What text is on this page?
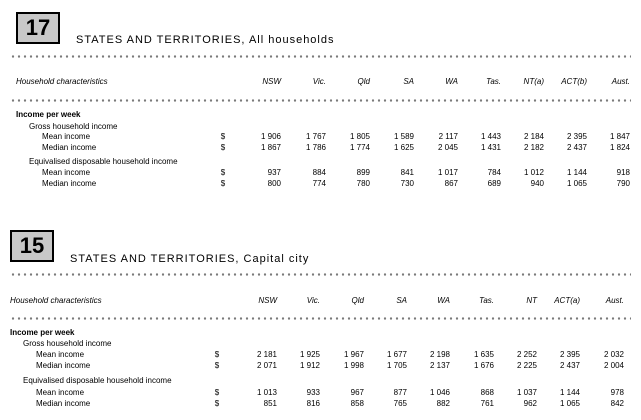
17	STATES AND TERRITORIES, All households
Household characteristics	NSW	Vic.	Qld	SA	WA	Tas.	NT(a)	ACT(b)	Aust.
Income per week
Gross household income
Mean income	$	1 906	1 767	1 805	1 589	2 117	1 443	2 184	2 395	1 847
Median income	$	1 867	1 786	1 774	1 625	2 045	1 431	2 182	2 437	1 824
Equivalised disposable household income
Mean income	$	937	884	899	841	1 017	784	1 012	1 144	918
Median income	$	800	774	780	730	867	689	940	1 065	790
15
STATES AND TERRITORIES, Capital city
Household characteristics	NSW	Vic.	Qld	SA	WA	Tas.	NT	ACT(a)	Aust.
Income per week
Gross household income
Mean income	$	2 181	1 925	1 967	1 677	2 198	1 635	2 252	2 395	2 032
Median income	$	2 071	1 912	1 998	1 705	2 137	1 676	2 225	2 437	2 004
Equivalised disposable household income
Mean income	$	1 013	933	967	877	1 046	868	1 037	1 144	978
Median income	$	851	816	858	765	882	761	962	1 065	842
